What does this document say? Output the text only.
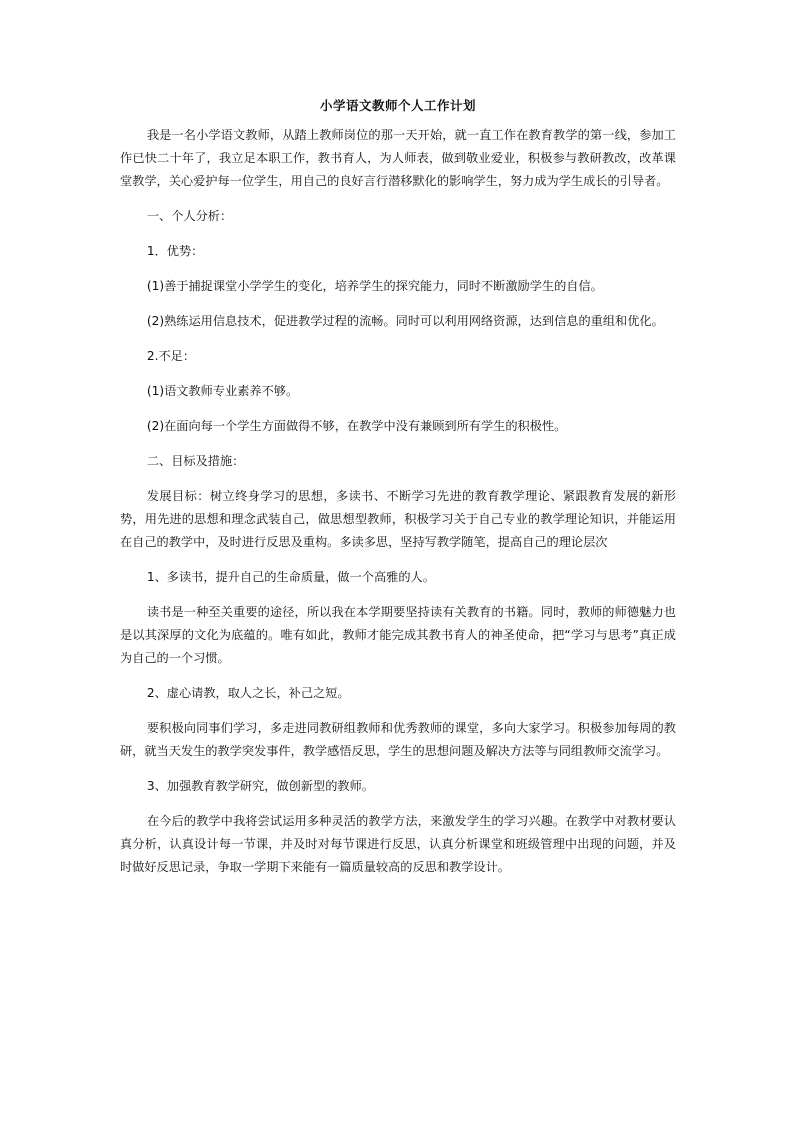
小学语文教师个人工作计划
我是一名小学语文教师，从踏上教师岗位的那一天开始，就一直工作在教育教学的第一线，参加工作已快二十年了，我立足本职工作，教书育人，为人师表，做到敬业爱业，积极参与教研教改，改革课堂教学，关心爱护每一位学生，用自己的良好言行潜移默化的影响学生，努力成为学生成长的引导者。
一、个人分析：
1．优势：
(1)善于捕捉课堂小学学生的变化，培养学生的探究能力，同时不断激励学生的自信。
(2)熟练运用信息技术，促进教学过程的流畅。同时可以利用网络资源，达到信息的重组和优化。
2.不足：
(1)语文教师专业素养不够。
(2)在面向每一个学生方面做得不够，在教学中没有兼顾到所有学生的积极性。
二、目标及措施：
发展目标：树立终身学习的思想，多读书、不断学习先进的教育教学理论、紧跟教育发展的新形势，用先进的思想和理念武装自己，做思想型教师，积极学习关于自己专业的教学理论知识，并能运用在自己的教学中，及时进行反思及重构。多读多思，坚持写教学随笔，提高自己的理论层次
1、多读书，提升自己的生命质量，做一个高雅的人。
读书是一种至关重要的途径，所以我在本学期要坚持读有关教育的书籍。同时，教师的师德魅力也是以其深厚的文化为底蕴的。唯有如此，教师才能完成其教书育人的神圣使命，把“学习与思考”真正成为自己的一个习惯。
2、虚心请教，取人之长，补己之短。
要积极向同事们学习，多走进同教研组教师和优秀教师的课堂，多向大家学习。积极参加每周的教研，就当天发生的教学突发事件，教学感悟反思，学生的思想问题及解决方法等与同组教师交流学习。
3、加强教育教学研究，做创新型的教师。
在今后的教学中我将尝试运用多种灵活的教学方法，来激发学生的学习兴趣。在教学中对教材要认真分析，认真设计每一节课，并及时对每节课进行反思，认真分析课堂和班级管理中出现的问题，并及时做好反思记录，争取一学期下来能有一篇质量较高的反思和教学设计。
